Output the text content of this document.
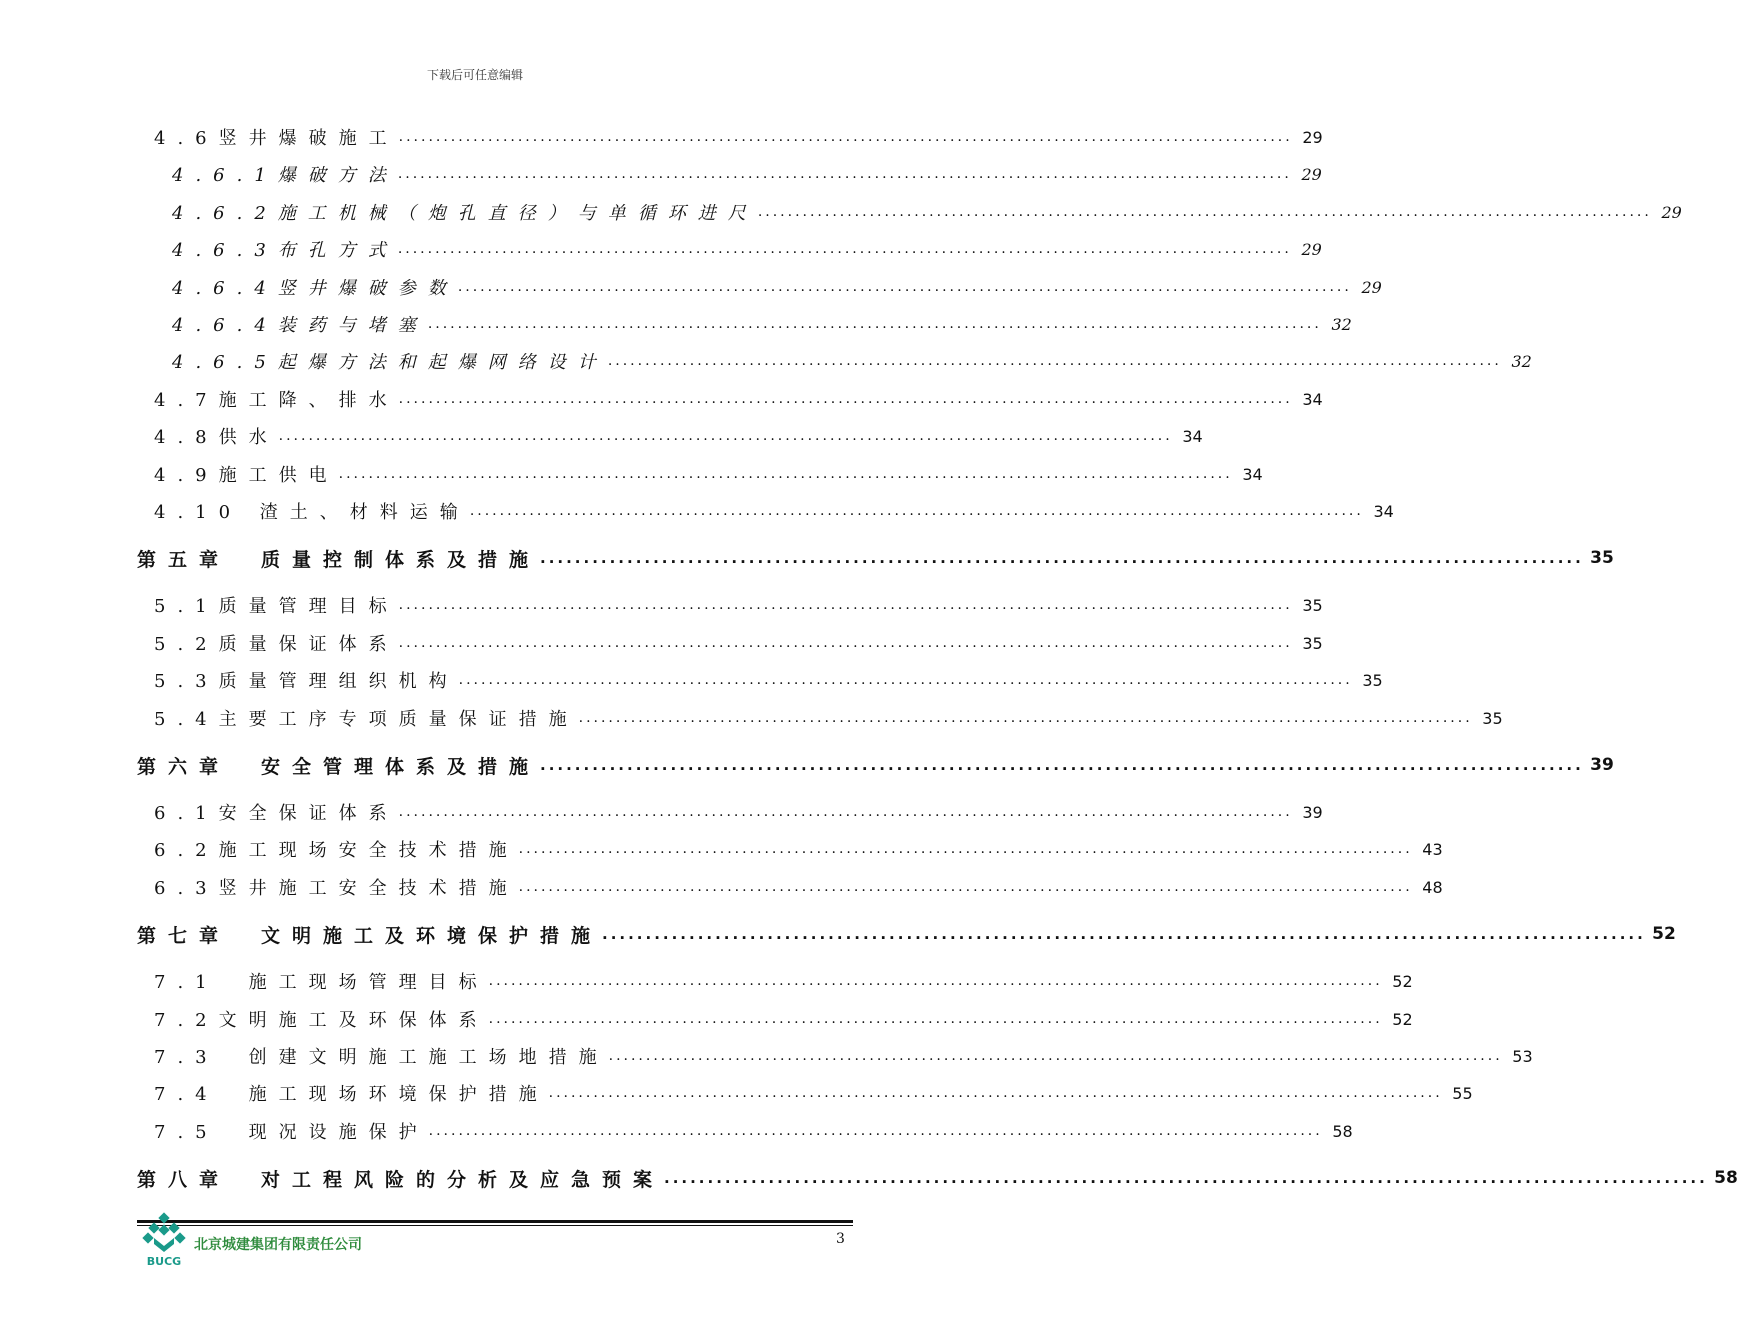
下载后可任意编辑
4.6竖井爆破施工 ........................................................................................................................ 29
4.6.1爆破方法 ........................................................................................................................ 29
4.6.2施工机械（炮孔直径）与单循环进尺 ........................................................................................................................ 29
4.6.3布孔方式 ........................................................................................................................ 29
4.6.4竖井爆破参数 ........................................................................................................................ 29
4.6.4装药与堵塞 ........................................................................................................................ 32
4.6.5起爆方法和起爆网络设计 ........................................................................................................................ 32
4.7施工降、排水 ........................................................................................................................ 34
4.8供水 ........................................................................................................................ 34
4.9施工供电 ........................................................................................................................ 34
4.10 渣土、材料运输 ........................................................................................................................ 34
第五章　质量控制体系及措施 ........................................................................................................................ 35
5.1质量管理目标 ........................................................................................................................ 35
5.2质量保证体系 ........................................................................................................................ 35
5.3质量管理组织机构 ........................................................................................................................ 35
5.4主要工序专项质量保证措施 ........................................................................................................................ 35
第六章　安全管理体系及措施 ........................................................................................................................ 39
6.1安全保证体系 ........................................................................................................................ 39
6.2施工现场安全技术措施 ........................................................................................................................ 43
6.3竖井施工安全技术措施 ........................................................................................................................ 48
第七章　文明施工及环境保护措施 ........................................................................................................................ 52
7.1　施工现场管理目标 ........................................................................................................................ 52
7.2文明施工及环保体系 ........................................................................................................................ 52
7.3　创建文明施工施工场地措施 ........................................................................................................................ 53
7.4　施工现场环境保护措施 ........................................................................................................................ 55
7.5　现况设施保护 ........................................................................................................................ 58
第八章　对工程风险的分析及应急预案 ........................................................................................................................ 58
BUCG
北京城建集团有限责任公司	3
